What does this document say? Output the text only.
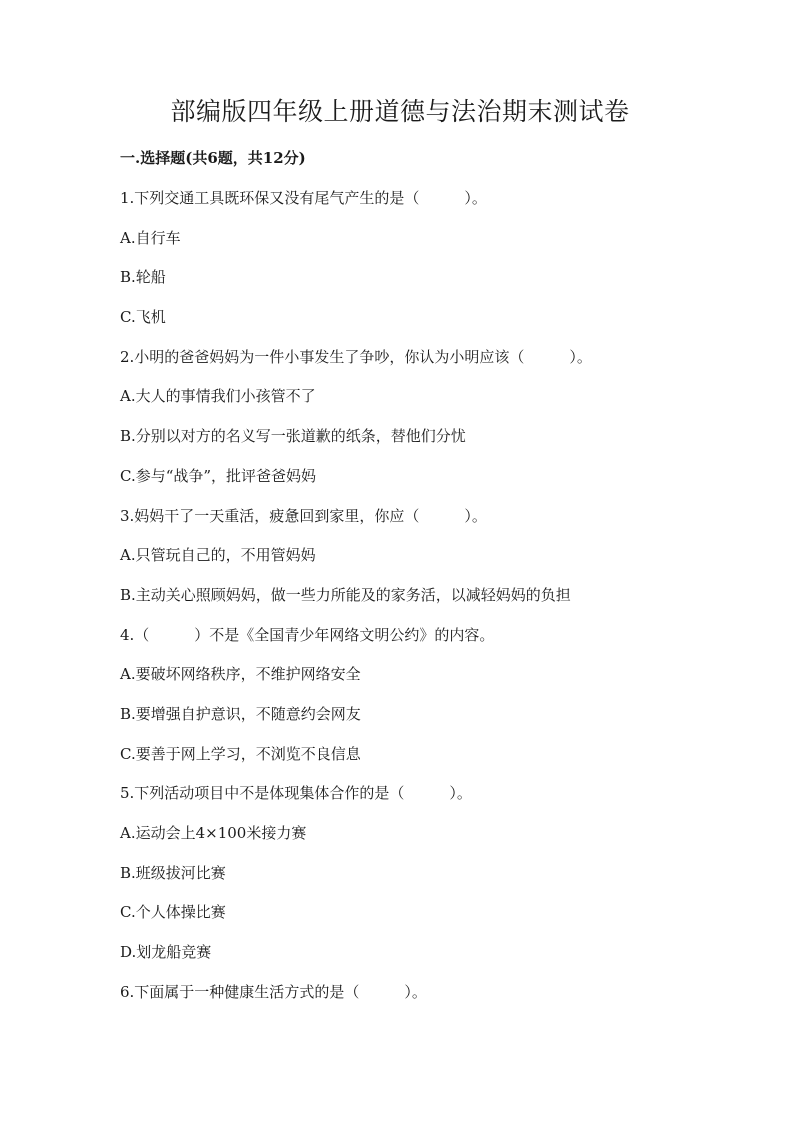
部编版四年级上册道德与法治期末测试卷
一.选择题(共6题，共12分)
1.下列交通工具既环保又没有尾气产生的是（　　　）。
A.自行车
B.轮船
C.飞机
2.小明的爸爸妈妈为一件小事发生了争吵，你认为小明应该（　　　）。
A.大人的事情我们小孩管不了
B.分别以对方的名义写一张道歉的纸条，替他们分忧
C.参与“战争”，批评爸爸妈妈
3.妈妈干了一天重活，疲惫回到家里，你应（　　　）。
A.只管玩自己的，不用管妈妈
B.主动关心照顾妈妈，做一些力所能及的家务活，以减轻妈妈的负担
4.（　　　）不是《全国青少年网络文明公约》的内容。
A.要破坏网络秩序，不维护网络安全
B.要增强自护意识，不随意约会网友
C.要善于网上学习，不浏览不良信息
5.下列活动项目中不是体现集体合作的是（　　　）。
A.运动会上4×100米接力赛
B.班级拔河比赛
C.个人体操比赛
D.划龙船竞赛
6.下面属于一种健康生活方式的是（　　　）。
